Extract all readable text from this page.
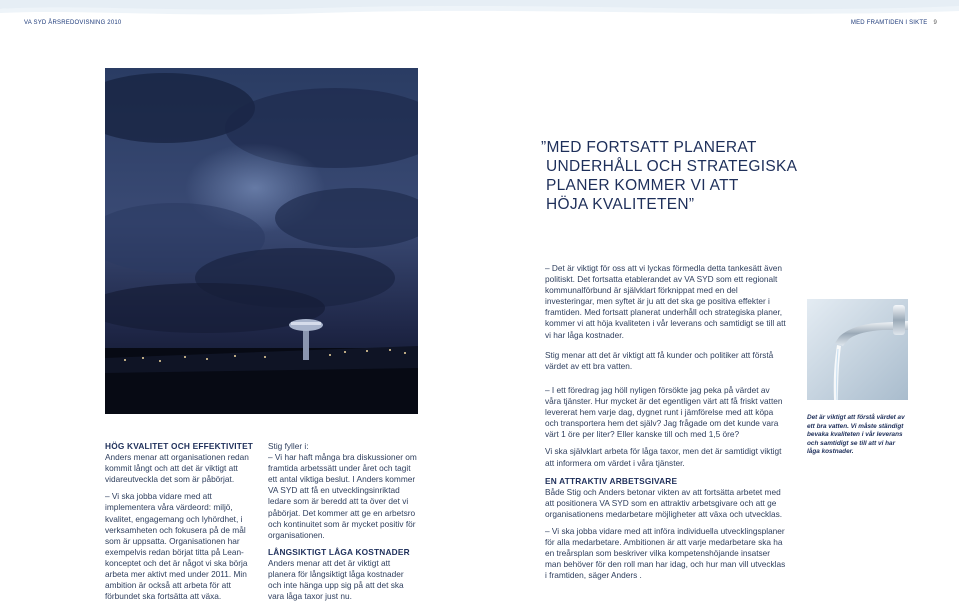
VA SYD ÅRSREDOVISNING 2010	MED FRAMTIDEN I SIKTE 9
”MED FORTSATT PLANERAT
UNDERHÅLL OCH STRATEGISKA
PLANER KOMMER VI ATT
HÖJA KVALITETEN”
HÖG KVALITET OCH EFFEKTIVITET

Anders menar att organisationen redan kommit långt och att det är viktigt att vidareutveckla det som är påbörjat.

– Vi ska jobba vidare med att implementera våra värdeord: miljö, kvalitet, engagemang och lyhördhet, i verksamheten och fokusera på de mål som är uppsatta. Organisationen har exempelvis redan börjat titta på Lean-konceptet och det är något vi ska börja arbeta mer aktivt med under 2011. Min ambition är också att arbeta för att förbundet ska fortsätta att växa.

Stig fyller i:

– Vi har haft många bra diskussioner om framtida arbetssätt under året och tagit ett antal viktiga beslut. I Anders kommer VA SYD att få en utvecklingsinriktad ledare som är beredd att ta över det vi påbörjat. Det kommer att ge en arbetsro och kontinuitet som är mycket positiv för organisationen.

LÅNGSIKTIGT LÅGA KOSTNADER

Anders menar att det är viktigt att planera för långsiktigt låga kostnader och inte hänga upp sig på att det ska vara låga taxor just nu.

– Det är viktigt för oss att vi lyckas förmedla detta tankesätt även politiskt. Det fortsatta etablerandet av VA SYD som ett regionalt kommunalförbund är självklart förknippat med en del investeringar, men syftet är ju att det ska ge positiva effekter i framtiden. Med fortsatt planerat underhåll och strategiska planer, kommer vi att höja kvaliteten i vår leverans och samtidigt se till att vi har låga kostnader.

Stig menar att det är viktigt att få kunder och politiker att förstå värdet av ett bra vatten.

– I ett föredrag jag höll nyligen försökte jag peka på värdet av våra tjänster. Hur mycket är det egentligen värt att få friskt vatten levererat hem varje dag, dygnet runt i jämförelse med att köpa och transportera hem det själv? Jag frågade om det kunde vara värt 1 öre per liter? Eller kanske till och med 1,5 öre?

Vi ska självklart arbeta för låga taxor, men det är samtidigt viktigt att informera om värdet i våra tjänster.

EN ATTRAKTIV ARBETSGIVARE

Både Stig och Anders betonar vikten av att fortsätta arbetet med att positionera VA SYD som en attraktiv arbetsgivare och att ge organisationens medarbetare möjligheter att växa och utvecklas.

– Vi ska jobba vidare med att införa individuella utvecklingsplaner för alla medarbetare. Ambitionen är att varje medarbetare ska ha en treårsplan som beskriver vilka kompetenshöjande insatser man behöver för den roll man har idag, och hur man vill utvecklas i framtiden, säger Anders .

Det är viktigt att förstå värdet av ett bra vatten. Vi måste ständigt bevaka kvaliteten i vår leverans och samtidigt se till att vi har låga kostnader.
